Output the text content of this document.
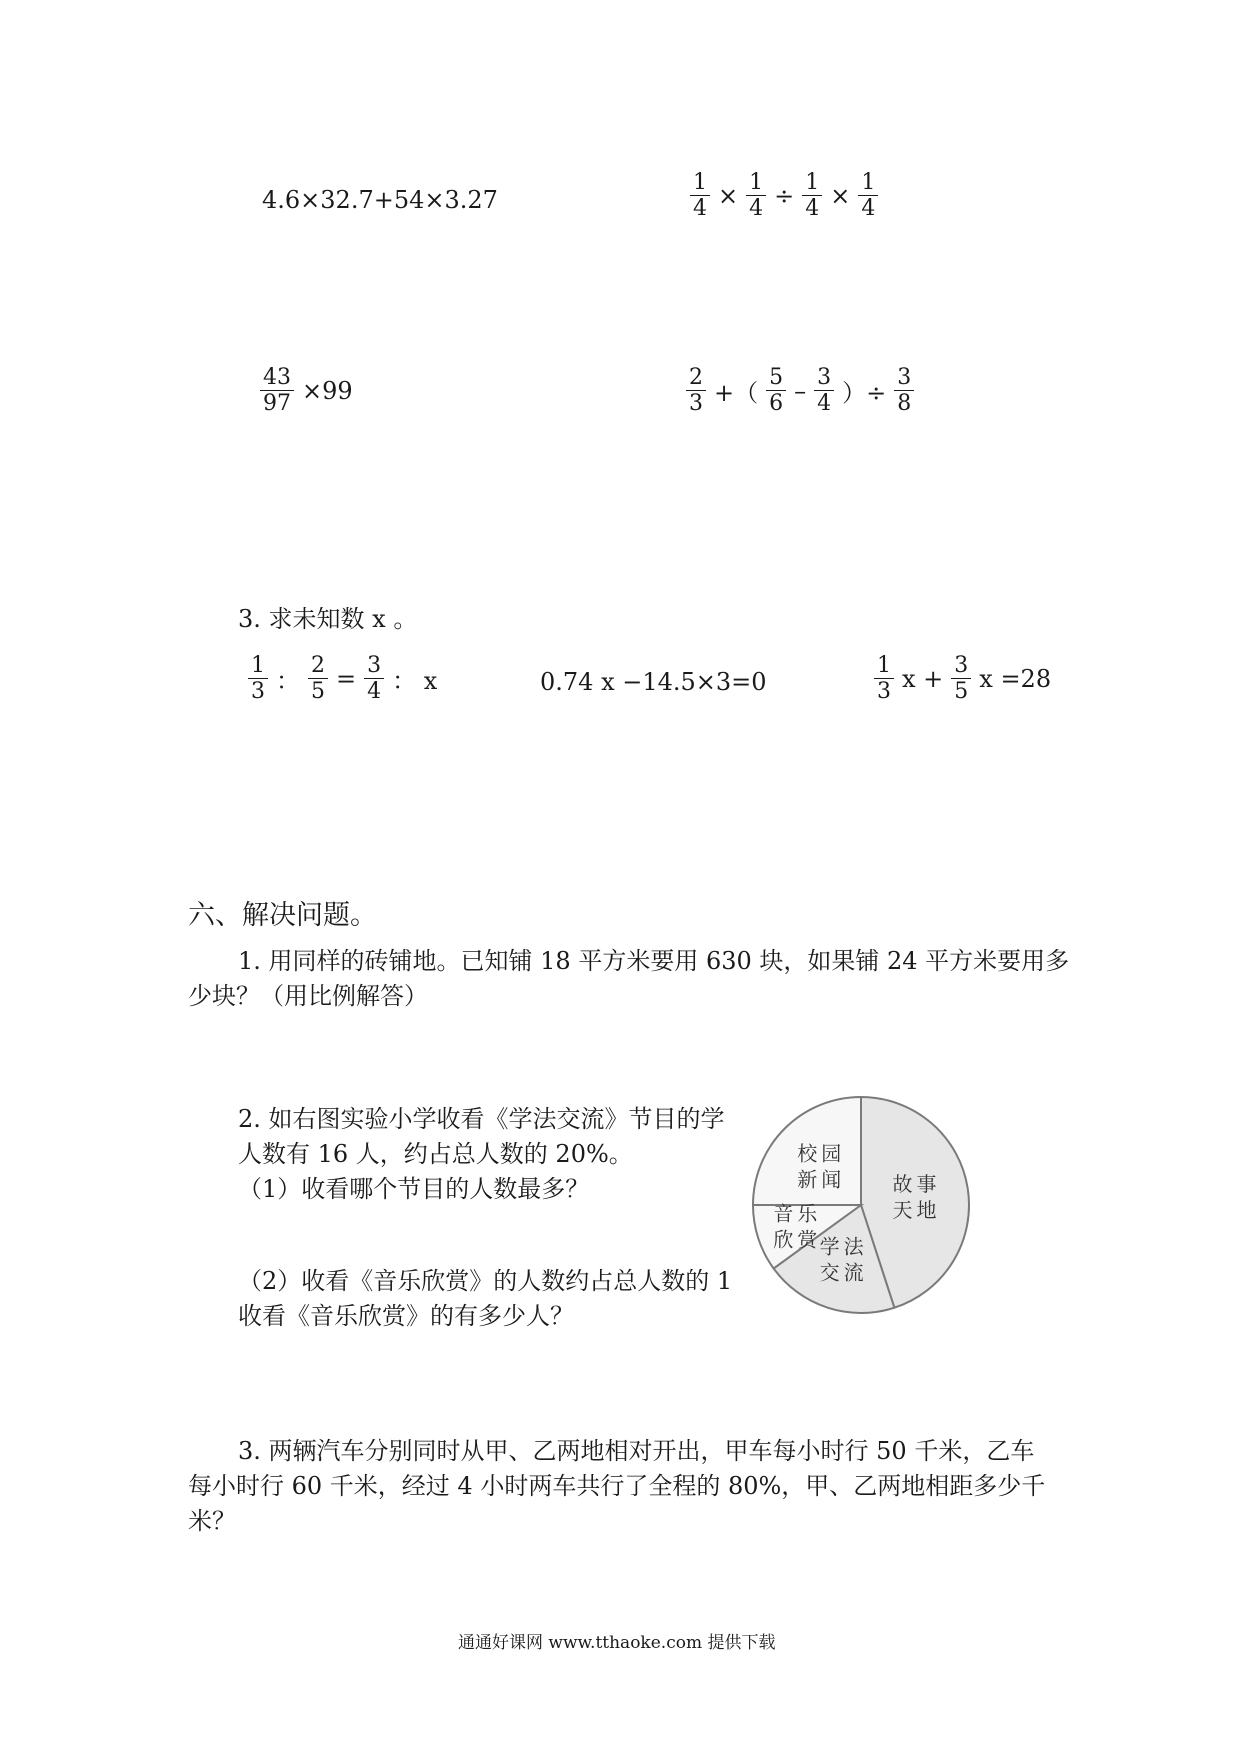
4.6×32.7+54×3.27	$\frac{1}{4} \times \frac{1}{4} \div \frac{1}{4} \times \frac{1}{4}$
$\frac{43}{97} \times 99$	$\frac{2}{3}$ +（ $\frac{5}{6} - \frac{3}{4}$ ）÷ $\frac{3}{8}$
3. 求未知数 x 。
$\frac{1}{3}$ ： $\frac{2}{5} = \frac{3}{4}$ ： x	0.74 x −14.5×3=0	$\frac{1}{3}$ $x + \frac{3}{5}$ x =28
六、解决问题。
1. 用同样的砖铺地。已知铺 18 平方米要用 630 块，如果铺 24 平方米要用多
少块？（用比例解答）
2. 如右图实验小学收看《学法交流》节目的学
人数有 16 人，约占总人数的 20%。
（1）收看哪个节目的人数最多？
（2）收看《音乐欣赏》的人数约占总人数的 1
收看《音乐欣赏》的有多少人？
故事
天地
学法
交流
音乐
欣赏
校园
新闻
3. 两辆汽车分别同时从甲、乙两地相对开出，甲车每小时行 50 千米，乙车
每小时行 60 千米，经过 4 小时两车共行了全程的 80%，甲、乙两地相距多少千
米？
通通好课网 www.tthaoke.com 提供下载
